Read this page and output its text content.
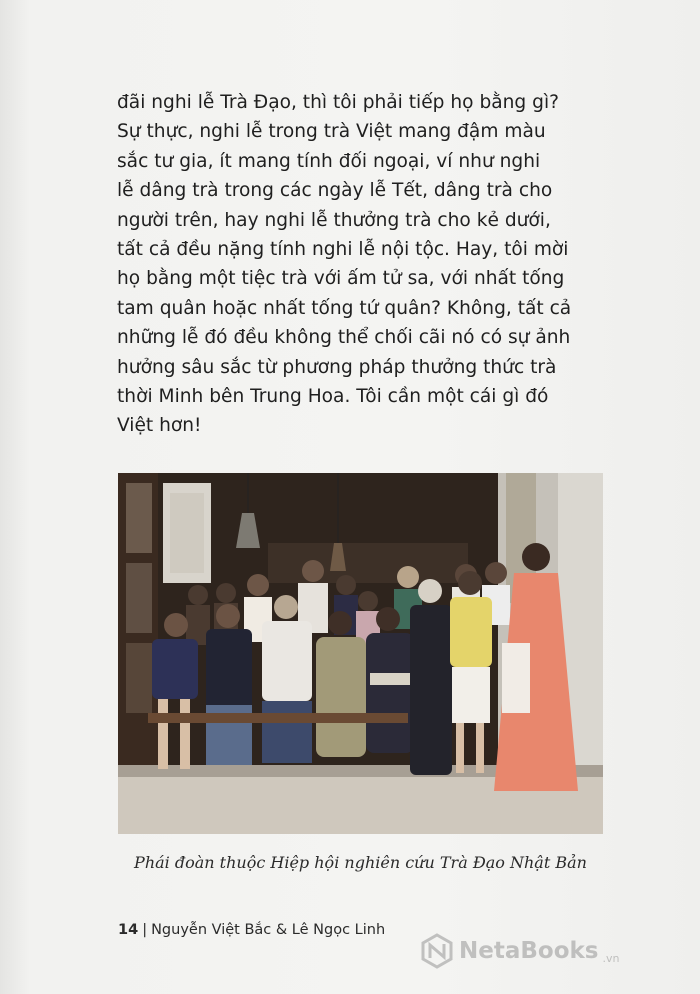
đãi nghi lễ Trà Đạo, thì tôi phải tiếp họ bằng gì?
Sự thực, nghi lễ trong trà Việt mang đậm màu
sắc tư gia, ít mang tính đối ngoại, ví như nghi
lễ dâng trà trong các ngày lễ Tết, dâng trà cho
người trên, hay nghi lễ thưởng trà cho kẻ dưới,
tất cả đều nặng tính nghi lễ nội tộc. Hay, tôi mời
họ bằng một tiệc trà với ấm tử sa, với nhất tống
tam quân hoặc nhất tống tứ quân? Không, tất cả
những lễ đó đều không thể chối cãi nó có sự ảnh
hưởng sâu sắc từ phương pháp thưởng thức trà
thời Minh bên Trung Hoa. Tôi cần một cái gì đó
Việt hơn!

Phái đoàn thuộc Hiệp hội nghiên cứu Trà Đạo Nhật Bản
14 | Nguyễn Việt Bắc & Lê Ngọc Linh
NetaBooks .vn
